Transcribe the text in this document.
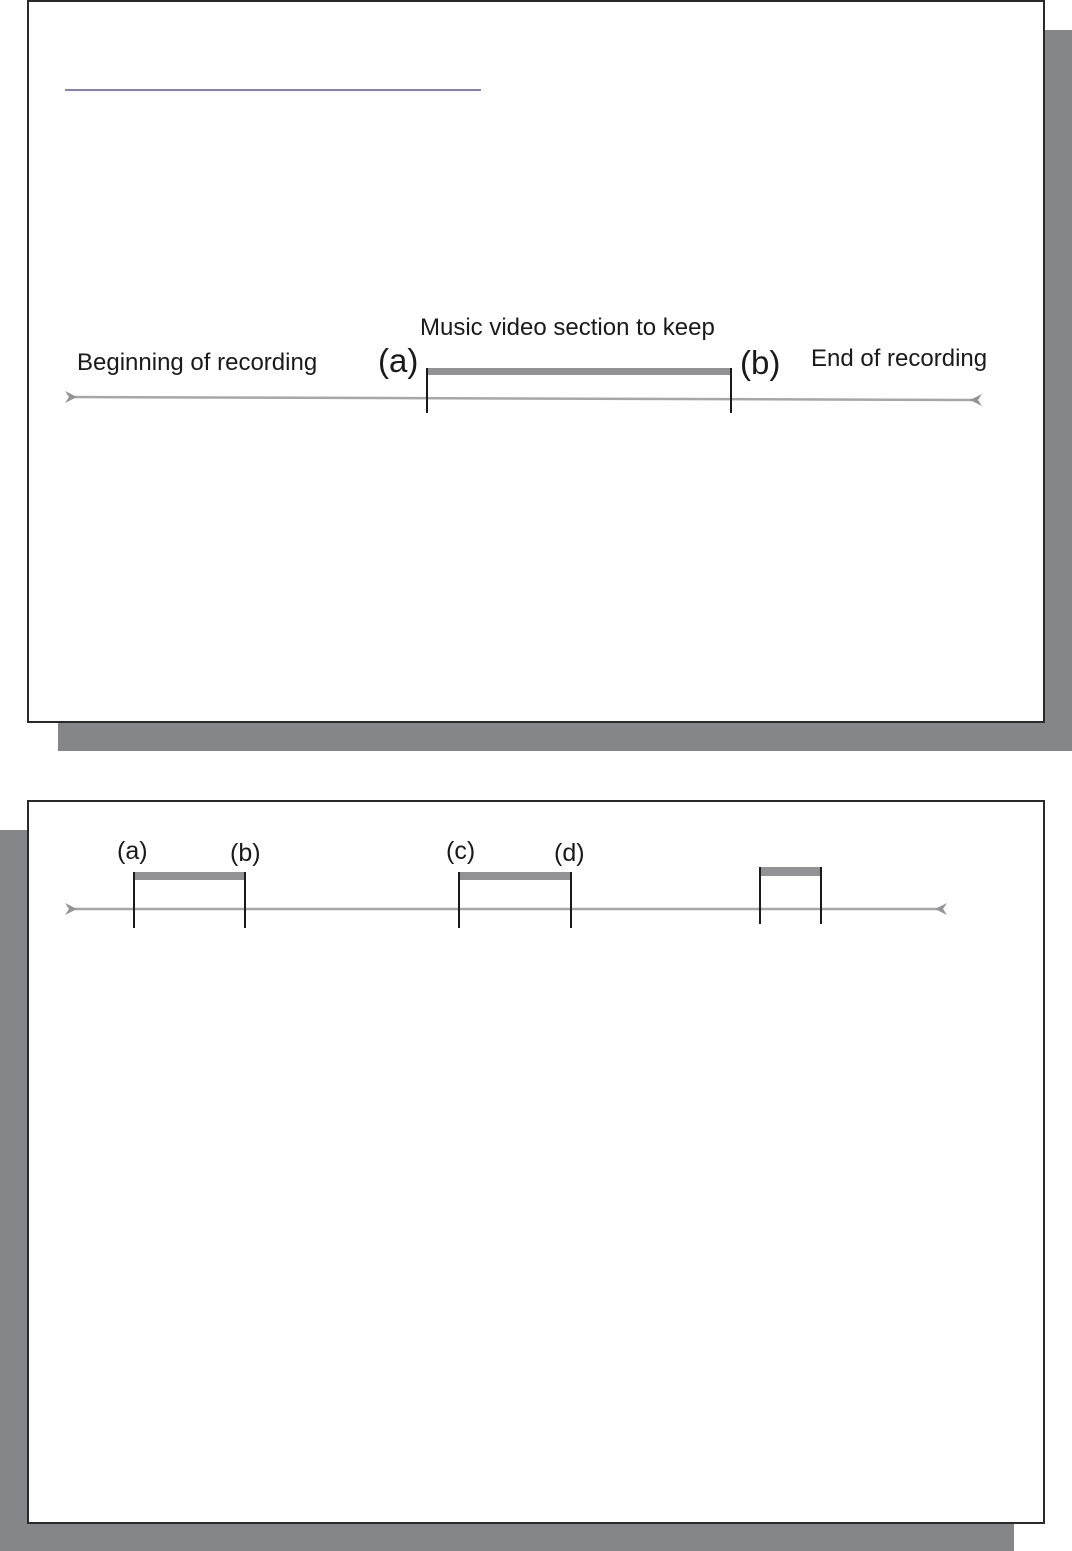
Music video section to keep
Beginning of recording (a)	(b) End of recording
(a)	(b)	(c)	(d)
